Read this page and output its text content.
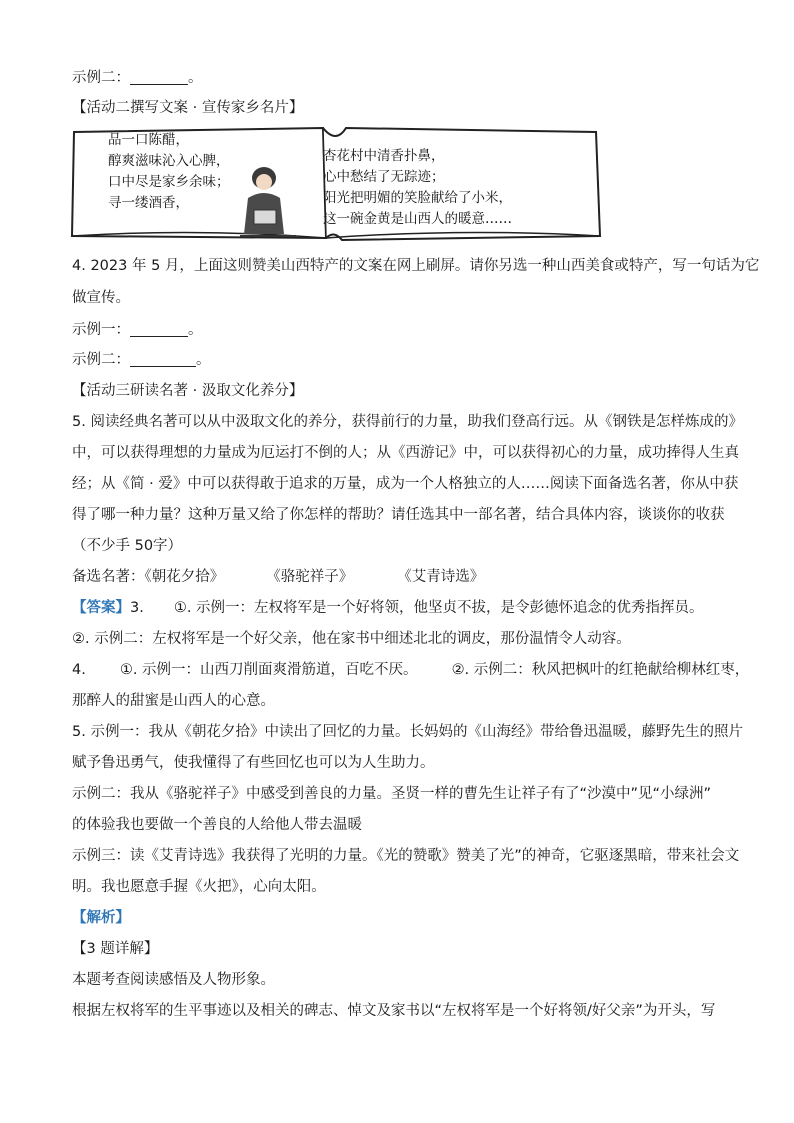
示例二：	。
【活动二撰写文案 · 宣传家乡名片】
品一口陈醋，
醇爽滋味沁入心脾，
口中尽是家乡余味；
寻一缕酒香，
杏花村中清香扑鼻，
心中愁结了无踪迹；
阳光把明媚的笑脸献给了小米，
这一碗金黄是山西人的暖意……
4. 2023 年 5 月，上面这则赞美山西特产的文案在网上刷屏。请你另选一种山西美食或特产，写一句话为它
做宣传。
示例一：	。
示例二：	。
【活动三研读名著 · 汲取文化养分】
5. 阅读经典名著可以从中汲取文化的养分，获得前行的力量，助我们登高行远。从《钢铁是怎样炼成的》
中，可以获得理想的力量成为厄运打不倒的人；从《西游记》中，可以获得初心的力量，成功捧得人生真
经；从《简 · 爱》中可以获得敢于追求的万量，成为一个人格独立的人……阅读下面备选名著，你从中获
得了哪一种力量？这种万量又给了你怎样的帮助？请任选其中一部名著，结合具体内容，谈谈你的收获
（不少手 50字）
备选名著：《朝花夕拾》	《骆驼祥子》	《艾青诗选》
【答案】3. ①. 示例一：左权将军是一个好将领，他坚贞不拔，是令彭德怀追念的优秀指挥员。
②. 示例二：左权将军是一个好父亲，他在家书中细述北北的调皮，那份温情令人动容。
4. ①. 示例一：山西刀削面爽滑筋道，百吃不厌。 ②. 示例二：秋风把枫叶的红艳献给柳林红枣，
那醉人的甜蜜是山西人的心意。
5. 示例一：我从《朝花夕拾》中读出了回忆的力量。长妈妈的《山海经》带给鲁迅温暖，藤野先生的照片
赋予鲁迅勇气，使我懂得了有些回忆也可以为人生助力。
示例二：我从《骆驼祥子》中感受到善良的力量。圣贤一样的曹先生让祥子有了“沙漠中”见“小绿洲”
的体验我也要做一个善良的人给他人带去温暖
示例三：读《艾青诗选》我获得了光明的力量。《光的赞歌》赞美了光”的神奇，它驱逐黑暗，带来社会文
明。我也愿意手握《火把》，心向太阳。
【解析】
【3 题详解】
本题考查阅读感悟及人物形象。
根据左权将军的生平事迹以及相关的碑志、悼文及家书以“左权将军是一个好将领/好父亲”为开头，写
